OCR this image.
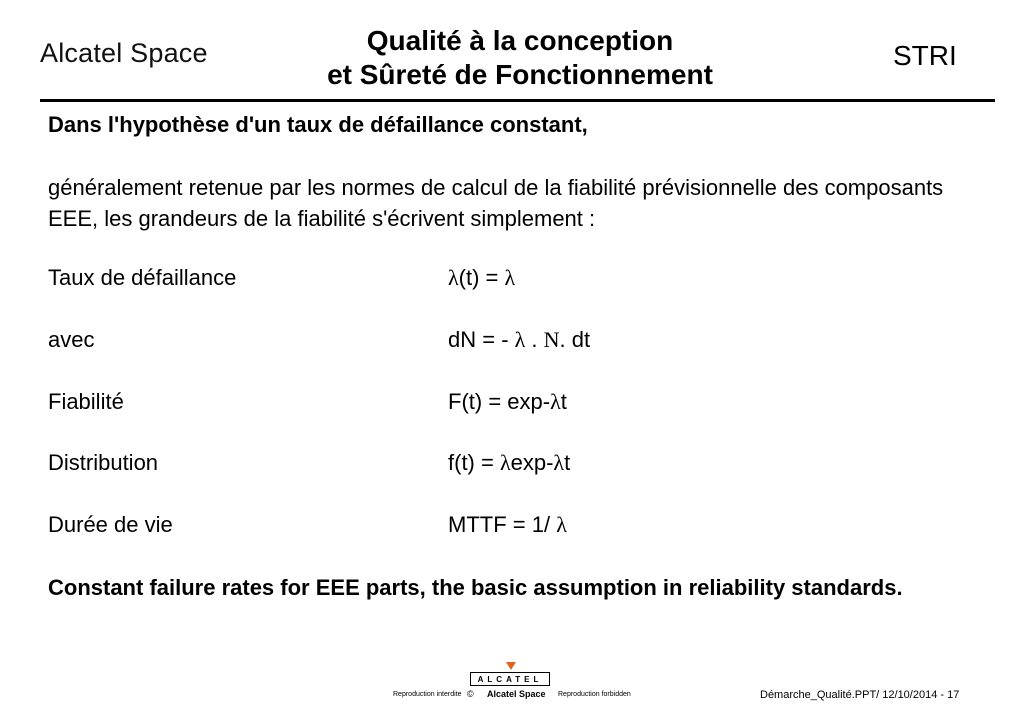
Alcatel Space	Qualité à la conception
et Sûreté de Fonctionnement
STRI
Dans l'hypothèse d'un taux de défaillance constant,
généralement retenue par les normes de calcul de la fiabilité prévisionnelle des composants EEE, les grandeurs de la fiabilité s'écrivent simplement :
Taux de défaillance	λ(t) = λ
avec	dN = - λ . N. dt
Fiabilité	F(t) = exp-λt
Distribution	f(t) = λexp-λt
Durée de vie	MTTF = 1/ λ
Constant failure rates for EEE parts, the basic assumption in reliability standards.
ALCATEL
Reproduction interdite © Alcatel Space Reproduction forbidden	Démarche_Qualité.PPT/ 12/10/2014 - 17
